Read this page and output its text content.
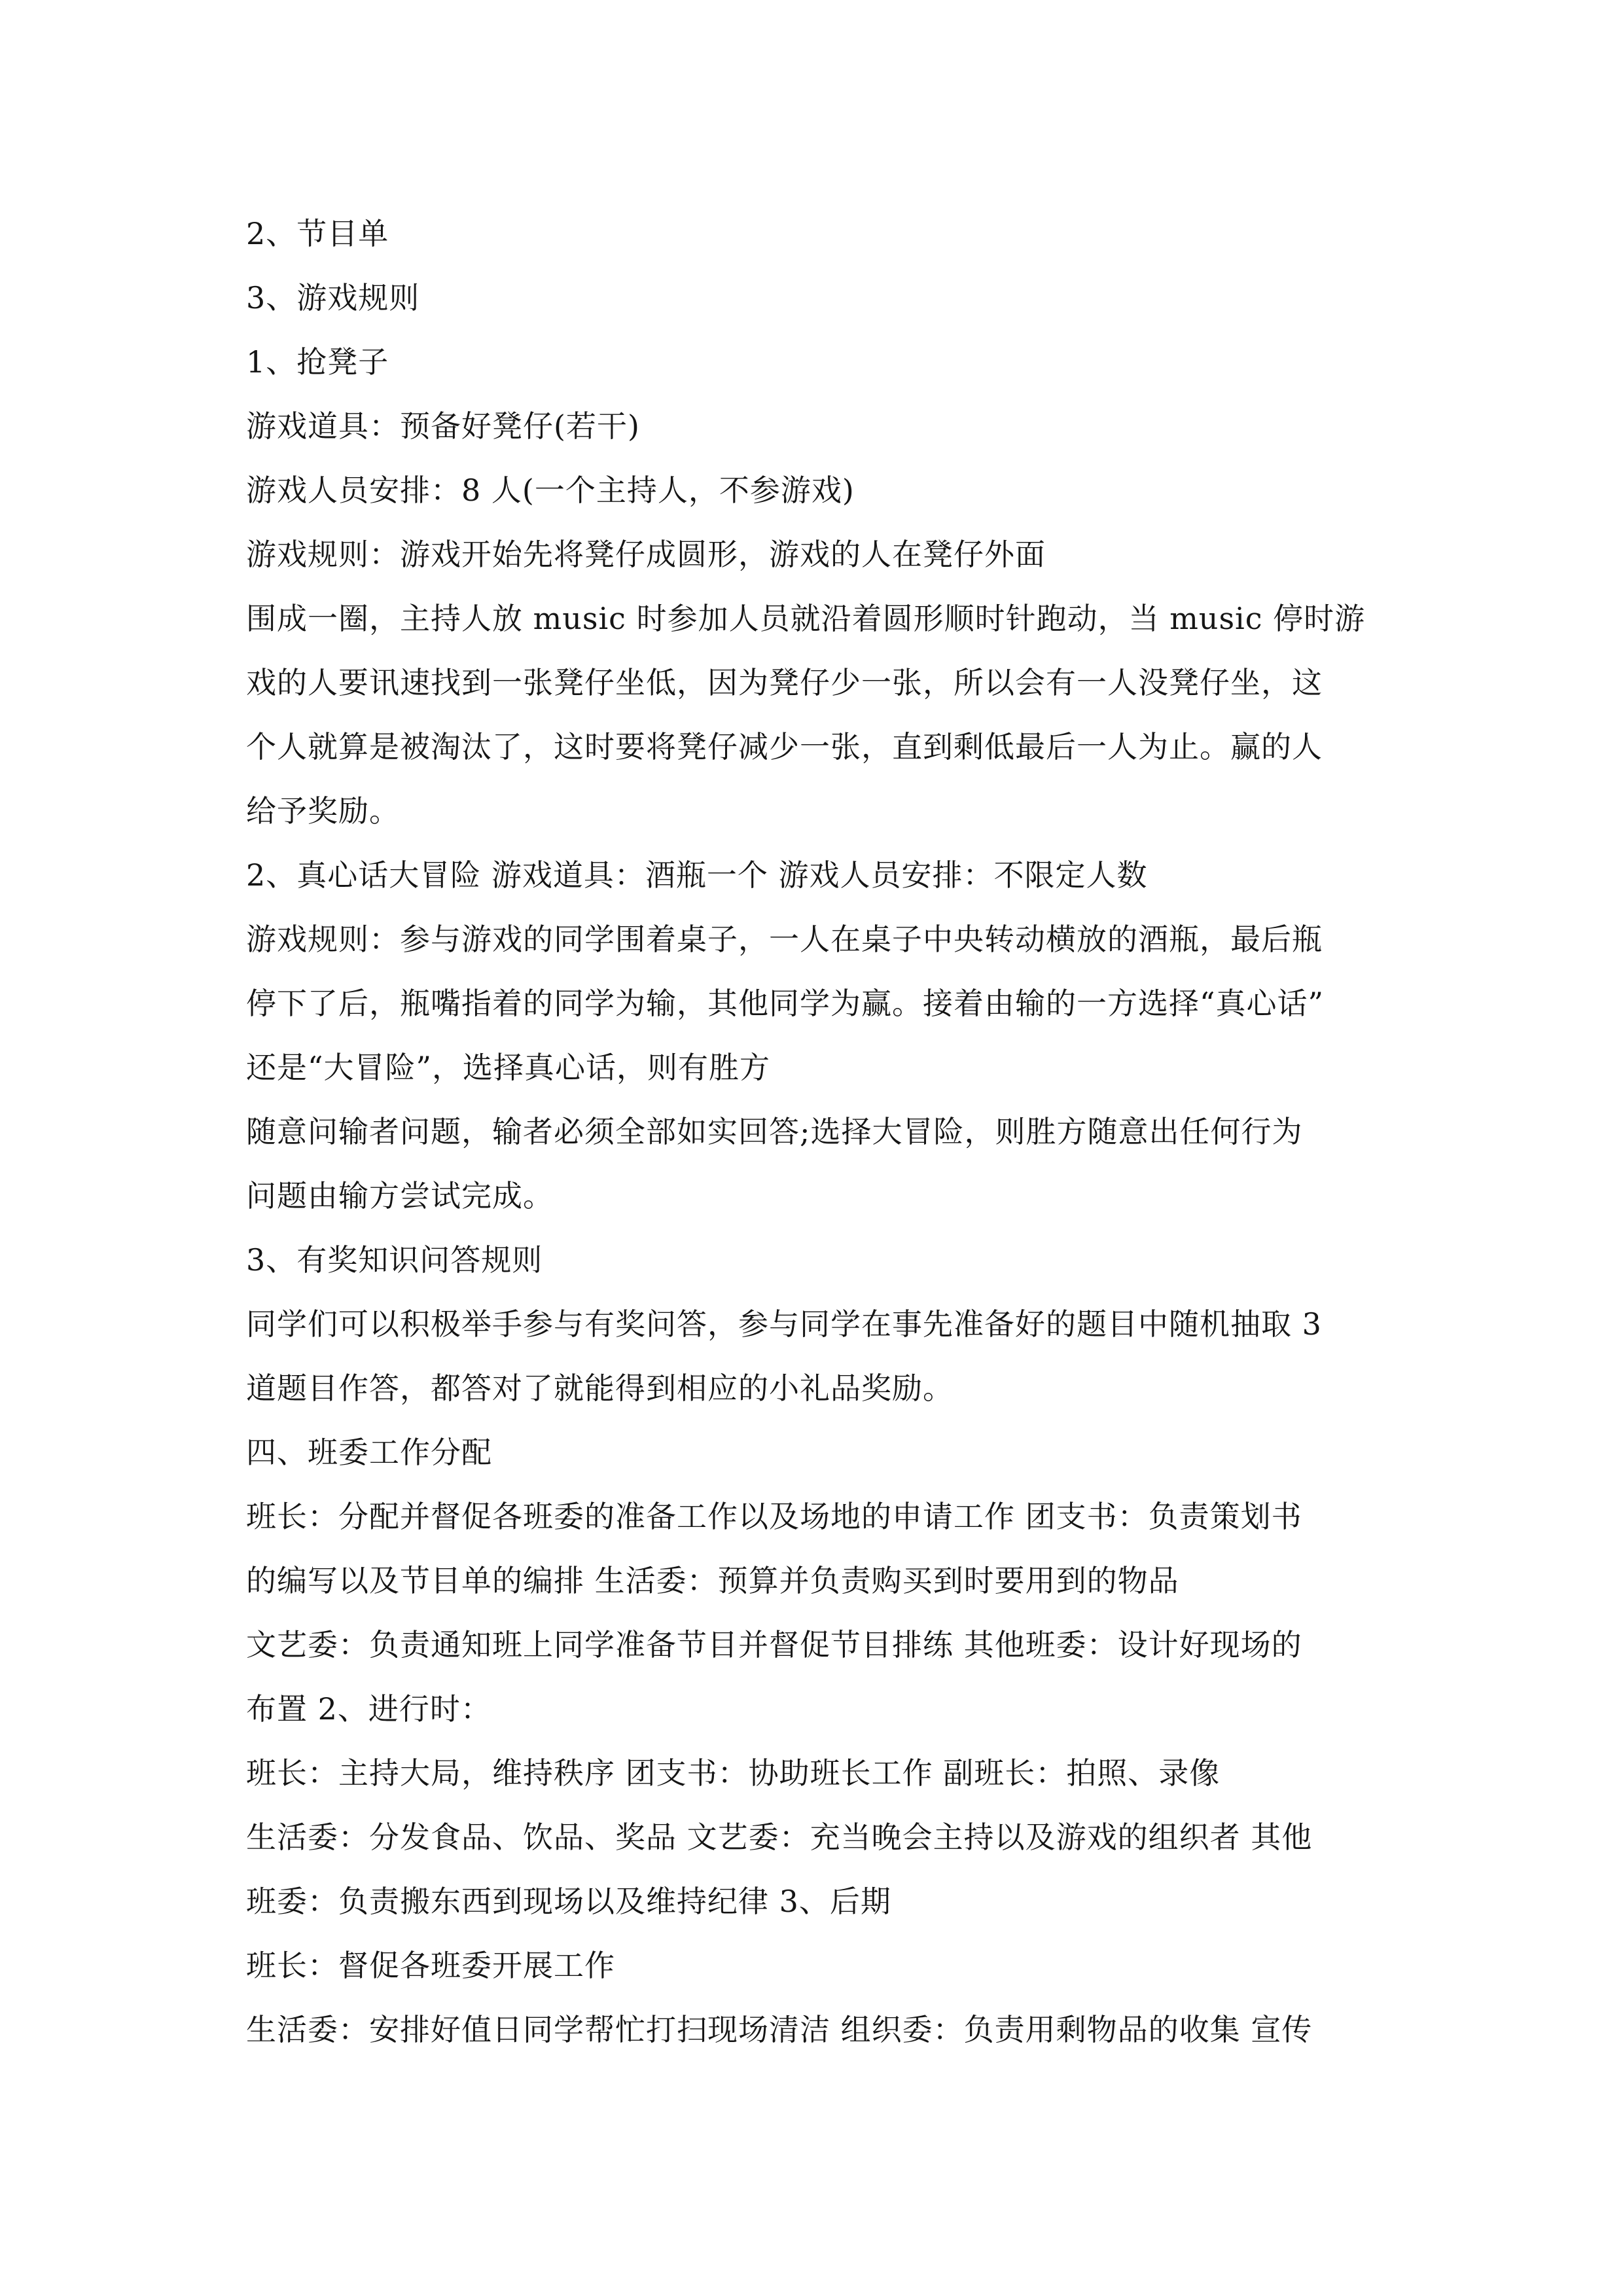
2、节目单
3、游戏规则
1、抢凳子
游戏道具：预备好凳仔(若干)
游戏人员安排：8 人(一个主持人，不参游戏)
游戏规则：游戏开始先将凳仔成圆形，游戏的人在凳仔外面
围成一圈，主持人放 music 时参加人员就沿着圆形顺时针跑动，当 music 停时游
戏的人要讯速找到一张凳仔坐低，因为凳仔少一张，所以会有一人没凳仔坐，这
个人就算是被淘汰了，这时要将凳仔减少一张，直到剩低最后一人为止。赢的人
给予奖励。
2、真心话大冒险 游戏道具：酒瓶一个 游戏人员安排：不限定人数
游戏规则：参与游戏的同学围着桌子，一人在桌子中央转动横放的酒瓶，最后瓶
停下了后，瓶嘴指着的同学为输，其他同学为赢。接着由输的一方选择“真心话”
还是“大冒险”，选择真心话，则有胜方
随意问输者问题，输者必须全部如实回答;选择大冒险，则胜方随意出任何行为
问题由输方尝试完成。
3、有奖知识问答规则
同学们可以积极举手参与有奖问答，参与同学在事先准备好的题目中随机抽取 3
道题目作答，都答对了就能得到相应的小礼品奖励。
四、班委工作分配
班长：分配并督促各班委的准备工作以及场地的申请工作 团支书：负责策划书
的编写以及节目单的编排 生活委：预算并负责购买到时要用到的物品
文艺委：负责通知班上同学准备节目并督促节目排练 其他班委：设计好现场的
布置 2、进行时：
班长：主持大局，维持秩序 团支书：协助班长工作 副班长：拍照、录像
生活委：分发食品、饮品、奖品 文艺委：充当晚会主持以及游戏的组织者 其他
班委：负责搬东西到现场以及维持纪律 3、后期
班长：督促各班委开展工作
生活委：安排好值日同学帮忙打扫现场清洁 组织委：负责用剩物品的收集 宣传
